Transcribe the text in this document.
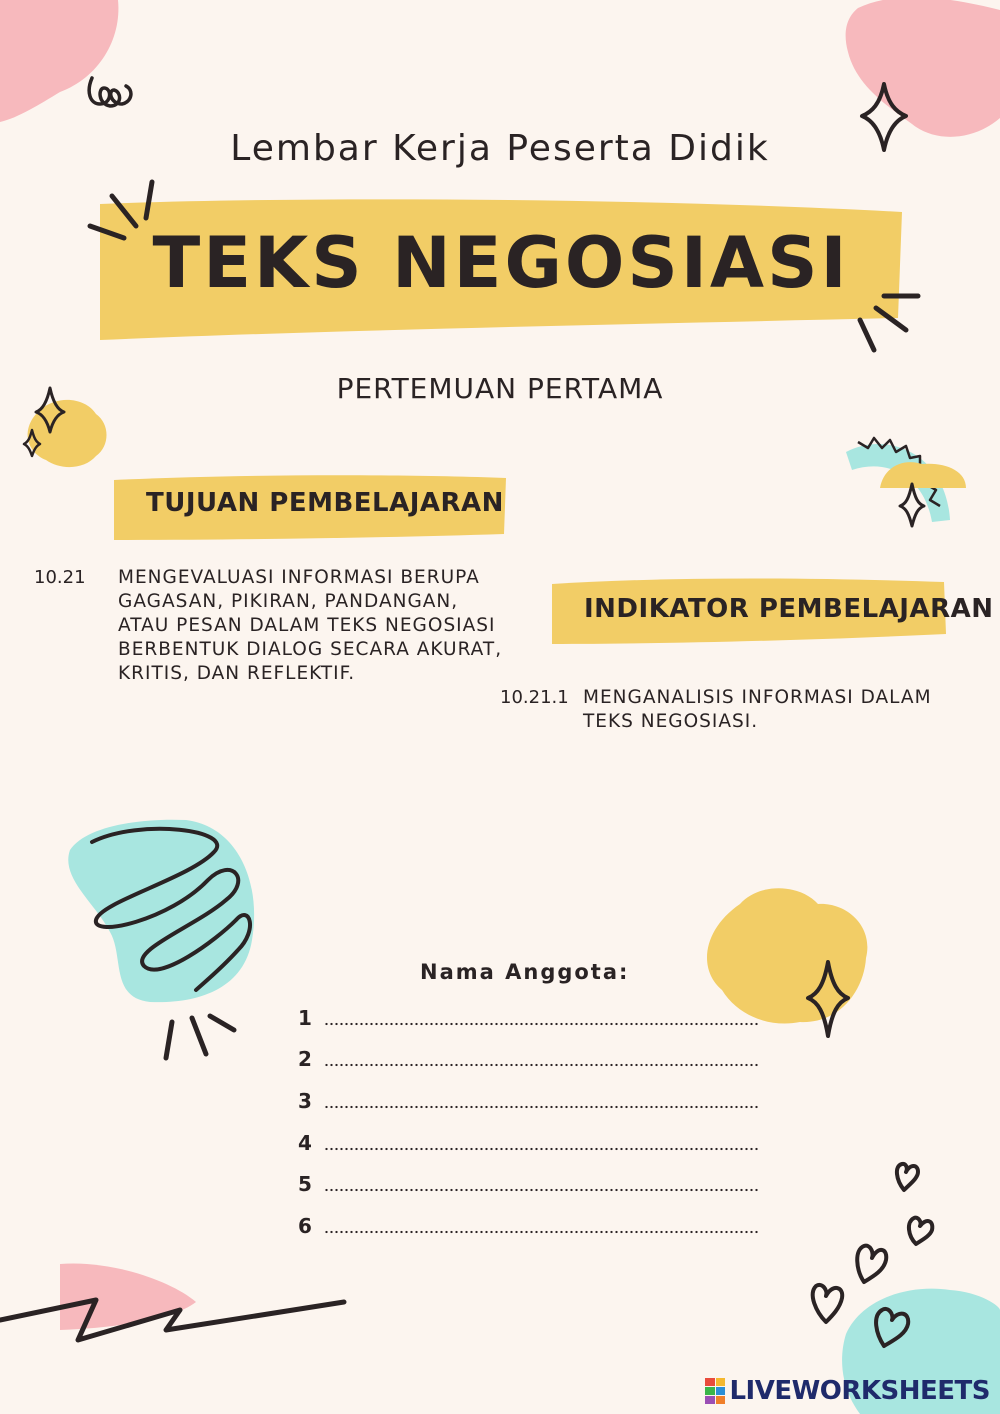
Lembar Kerja Peserta Didik
TEKS NEGOSIASI
PERTEMUAN PERTAMA
TUJUAN PEMBELAJARAN
10.21 MENGEVALUASI INFORMASI BERUPA GAGASAN, PIKIRAN, PANDANGAN, ATAU PESAN DALAM TEKS NEGOSIASI BERBENTUK DIALOG SECARA AKURAT, KRITIS, DAN REFLEKTIF.
INDIKATOR PEMBELAJARAN
10.21.1 MENGANALISIS INFORMASI DALAM TEKS NEGOSIASI.
Nama Anggota:
1
2
3
4
5
6
LIVEWORKSHEETS
